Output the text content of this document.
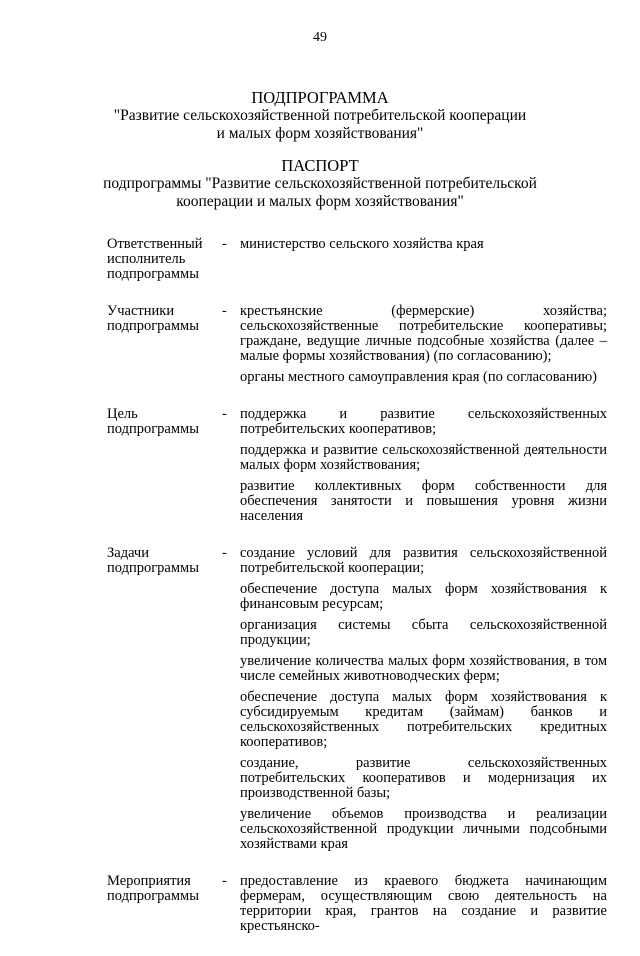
49
ПОДПРОГРАММА
"Развитие сельскохозяйственной потребительской кооперации
и малых форм хозяйствования"
ПАСПОРТ
подпрограммы "Развитие сельскохозяйственной потребительской
кооперации и малых форм хозяйствования"
Ответственный исполнитель подпрограммы
- министерство сельского хозяйства края

Участники подпрограммы
- крестьянские (фермерские) хозяйства; сельскохозяйственные потребительские кооперативы; граждане, ведущие личные подсобные хозяйства (далее – малые формы хозяйствования) (по согласованию);

органы местного самоуправления края (по согласованию)

Цель подпрограммы
- поддержка и развитие сельскохозяйственных потребительских кооперативов;

поддержка и развитие сельскохозяйственной деятельности малых форм хозяйствования;

развитие коллективных форм собственности для обеспечения занятости и повышения уровня жизни населения

Задачи подпрограммы
- создание условий для развития сельскохозяйственной потребительской кооперации;

обеспечение доступа малых форм хозяйствования к финансовым ресурсам;

организация системы сбыта сельскохозяйственной продукции;

увеличение количества малых форм хозяйствования, в том числе семейных животноводческих ферм;

обеспечение доступа малых форм хозяйствования к субсидируемым кредитам (займам) банков и сельскохозяйственных потребительских кредитных кооперативов;

создание, развитие сельскохозяйственных потребительских кооперативов и модернизация их производственной базы;

увеличение объемов производства и реализации сельскохозяйственной продукции личными подсобными хозяйствами края

Мероприятия подпрограммы
- предоставление из краевого бюджета начинающим фермерам, осуществляющим свою деятельность на территории края, грантов на создание и развитие крестьянско-
